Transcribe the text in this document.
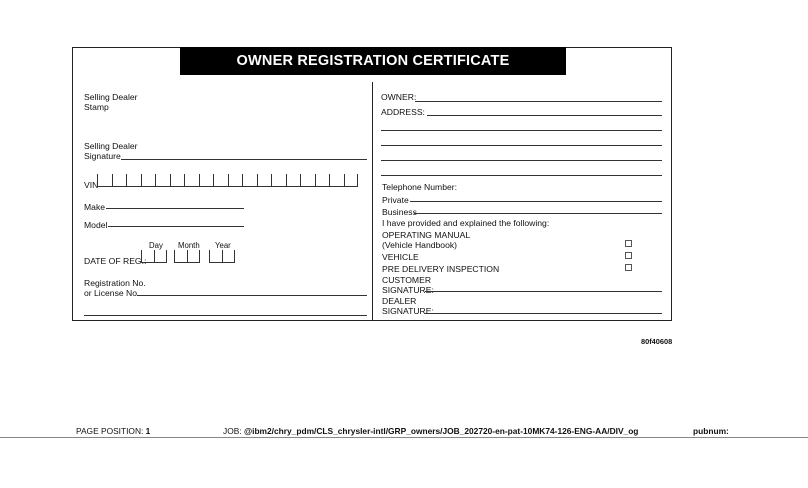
OWNER REGISTRATION CERTIFICATE
Selling Dealer
Stamp
Selling Dealer
Signature
VIN
Make
Model
Day Month Year
DATE OF REG.:
Registration No.
or License No.
OWNER:
ADDRESS:
Telephone Number:
Private
Business
I have provided and explained the following:
OPERATING MANUAL
(Vehicle Handbook)
VEHICLE
PRE DELIVERY INSPECTION
CUSTOMER
SIGNATURE:
DEALER
SIGNATURE:
80f40608
PAGE POSITION: 1	JOB: @ibm2/chry_pdm/CLS_chrysler-intl/GRP_owners/JOB_202720-en-pat-10MK74-126-ENG-AA/DIV_og	pubnum:
